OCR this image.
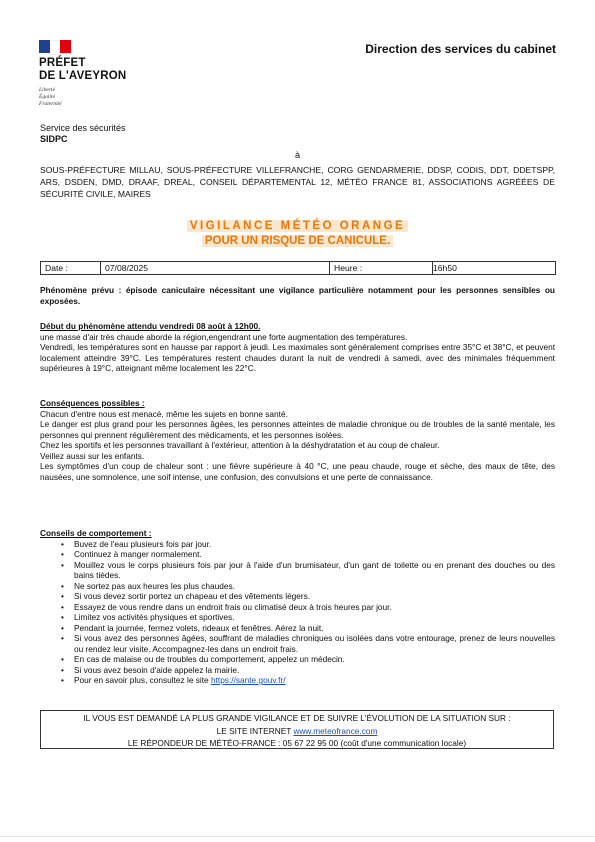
PRÉFET
DE L'AVEYRON
Liberté
Égalité
Fraternité
Direction des services du cabinet
Service des sécurités
SIDPC
à
SOUS-PRÉFECTURE MILLAU, SOUS-PRÉFECTURE VILLEFRANCHE, CORG GENDARMERIE, DDSP, CODIS, DDT, DDETSPP, ARS, DSDEN, DMD, DRAAF, DREAL, CONSEIL DÉPARTEMENTAL 12, MÉTÉO FRANCE 81, ASSOCIATIONS AGRÉÉES DE SÉCURITÉ CIVILE, MAIRES
VIGILANCE MÉTÉO ORANGE
POUR UN RISQUE DE CANICULE.
Date :	07/08/2025	Heure :	16h50
Phénomène prévu : épisode caniculaire nécessitant une vigilance particulière notamment pour les personnes sensibles ou exposées.
Début du phénomène attendu vendredi 08 août à 12h00.
une masse d'air très chaude aborde la région,engendrant une forte augmentation des températures.
Vendredi, les températures sont en hausse par rapport à jeudi. Les maximales sont généralement comprises entre 35°C et 38°C, et peuvent localement atteindre 39°C. Les températures restent chaudes durant la nuit de vendredi à samedi, avec des minimales fréquemment supérieures à 19°C, atteignant même localement les 22°C.
Conséquences possibles :
Chacun d'entre nous est menacé, même les sujets en bonne santé.
Le danger est plus grand pour les personnes âgées, les personnes atteintes de maladie chronique ou de troubles de la santé mentale, les personnes qui prennent régulièrement des médicaments, et les personnes isolées.
Chez les sportifs et les personnes travaillant à l'extérieur, attention à la déshydratation et au coup de chaleur.
Veillez aussi sur les enfants.
Les symptômes d'un coup de chaleur sont : une fièvre supérieure à 40 °C, une peau chaude, rouge et sèche, des maux de tête, des nausées, une somnolence, une soif intense, une confusion, des convulsions et une perte de connaissance.
Conseils de comportement :
• Buvez de l'eau plusieurs fois par jour.
• Continuez à manger normalement.
• Mouillez vous le corps plusieurs fois par jour à l'aide d'un brumisateur, d'un gant de toilette ou en prenant des douches ou des bains tièdes.
• Ne sortez pas aux heures les plus chaudes.
• Si vous devez sortir portez un chapeau et des vêtements légers.
• Essayez de vous rendre dans un endroit frais ou climatisé deux à trois heures par jour.
• Limitez vos activités physiques et sportives.
• Pendant la journée, fermez volets, rideaux et fenêtres. Aérez la nuit.
• Si vous avez des personnes âgées, souffrant de maladies chroniques ou isolées dans votre entourage, prenez de leurs nouvelles ou rendez leur visite. Accompagnez-les dans un endroit frais.
• En cas de malaise ou de troubles du comportement, appelez un médecin.
• Si vous avez besoin d'aide appelez la mairie.
• Pour en savoir plus, consultez le site https://sante.gouv.fr/
IL VOUS EST DEMANDÉ LA PLUS GRANDE VIGILANCE ET DE SUIVRE L'ÉVOLUTION DE LA SITUATION SUR :
LE SITE INTERNET www.meteofrance.com
LE RÉPONDEUR DE MÉTÉO-FRANCE : 05 67 22 95 00 (coût d'une communication locale)
